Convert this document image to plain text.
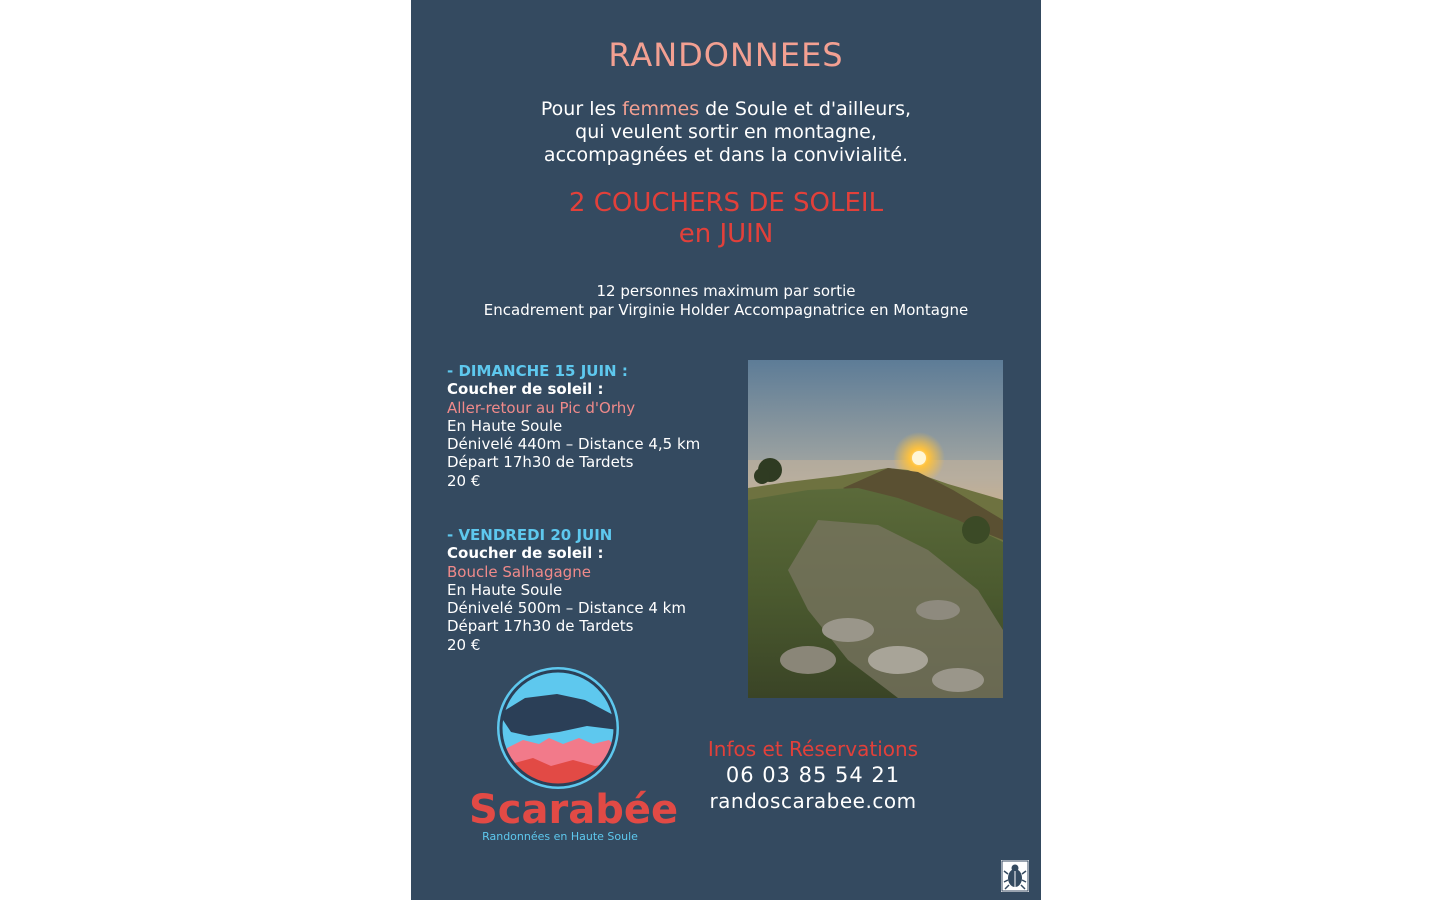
RANDONNEES
Pour les femmes de Soule et d'ailleurs,
qui veulent sortir en montagne,
accompagnées et dans la convivialité.
2 COUCHERS DE SOLEIL
en JUIN
12 personnes maximum par sortie
Encadrement par Virginie Holder Accompagnatrice en Montagne
- DIMANCHE 15 JUIN :
Coucher de soleil :
Aller-retour au Pic d'Orhy
En Haute Soule
Dénivelé 440m – Distance 4,5 km
Départ 17h30 de Tardets
20 €
- VENDREDI 20 JUIN
Coucher de soleil :
Boucle Salhagagne
En Haute Soule
Dénivelé 500m – Distance 4 km
Départ 17h30 de Tardets
20 €
Scarabée
Randonnées en Haute Soule
Infos et Réservations
06 03 85 54 21
randoscarabee.com
